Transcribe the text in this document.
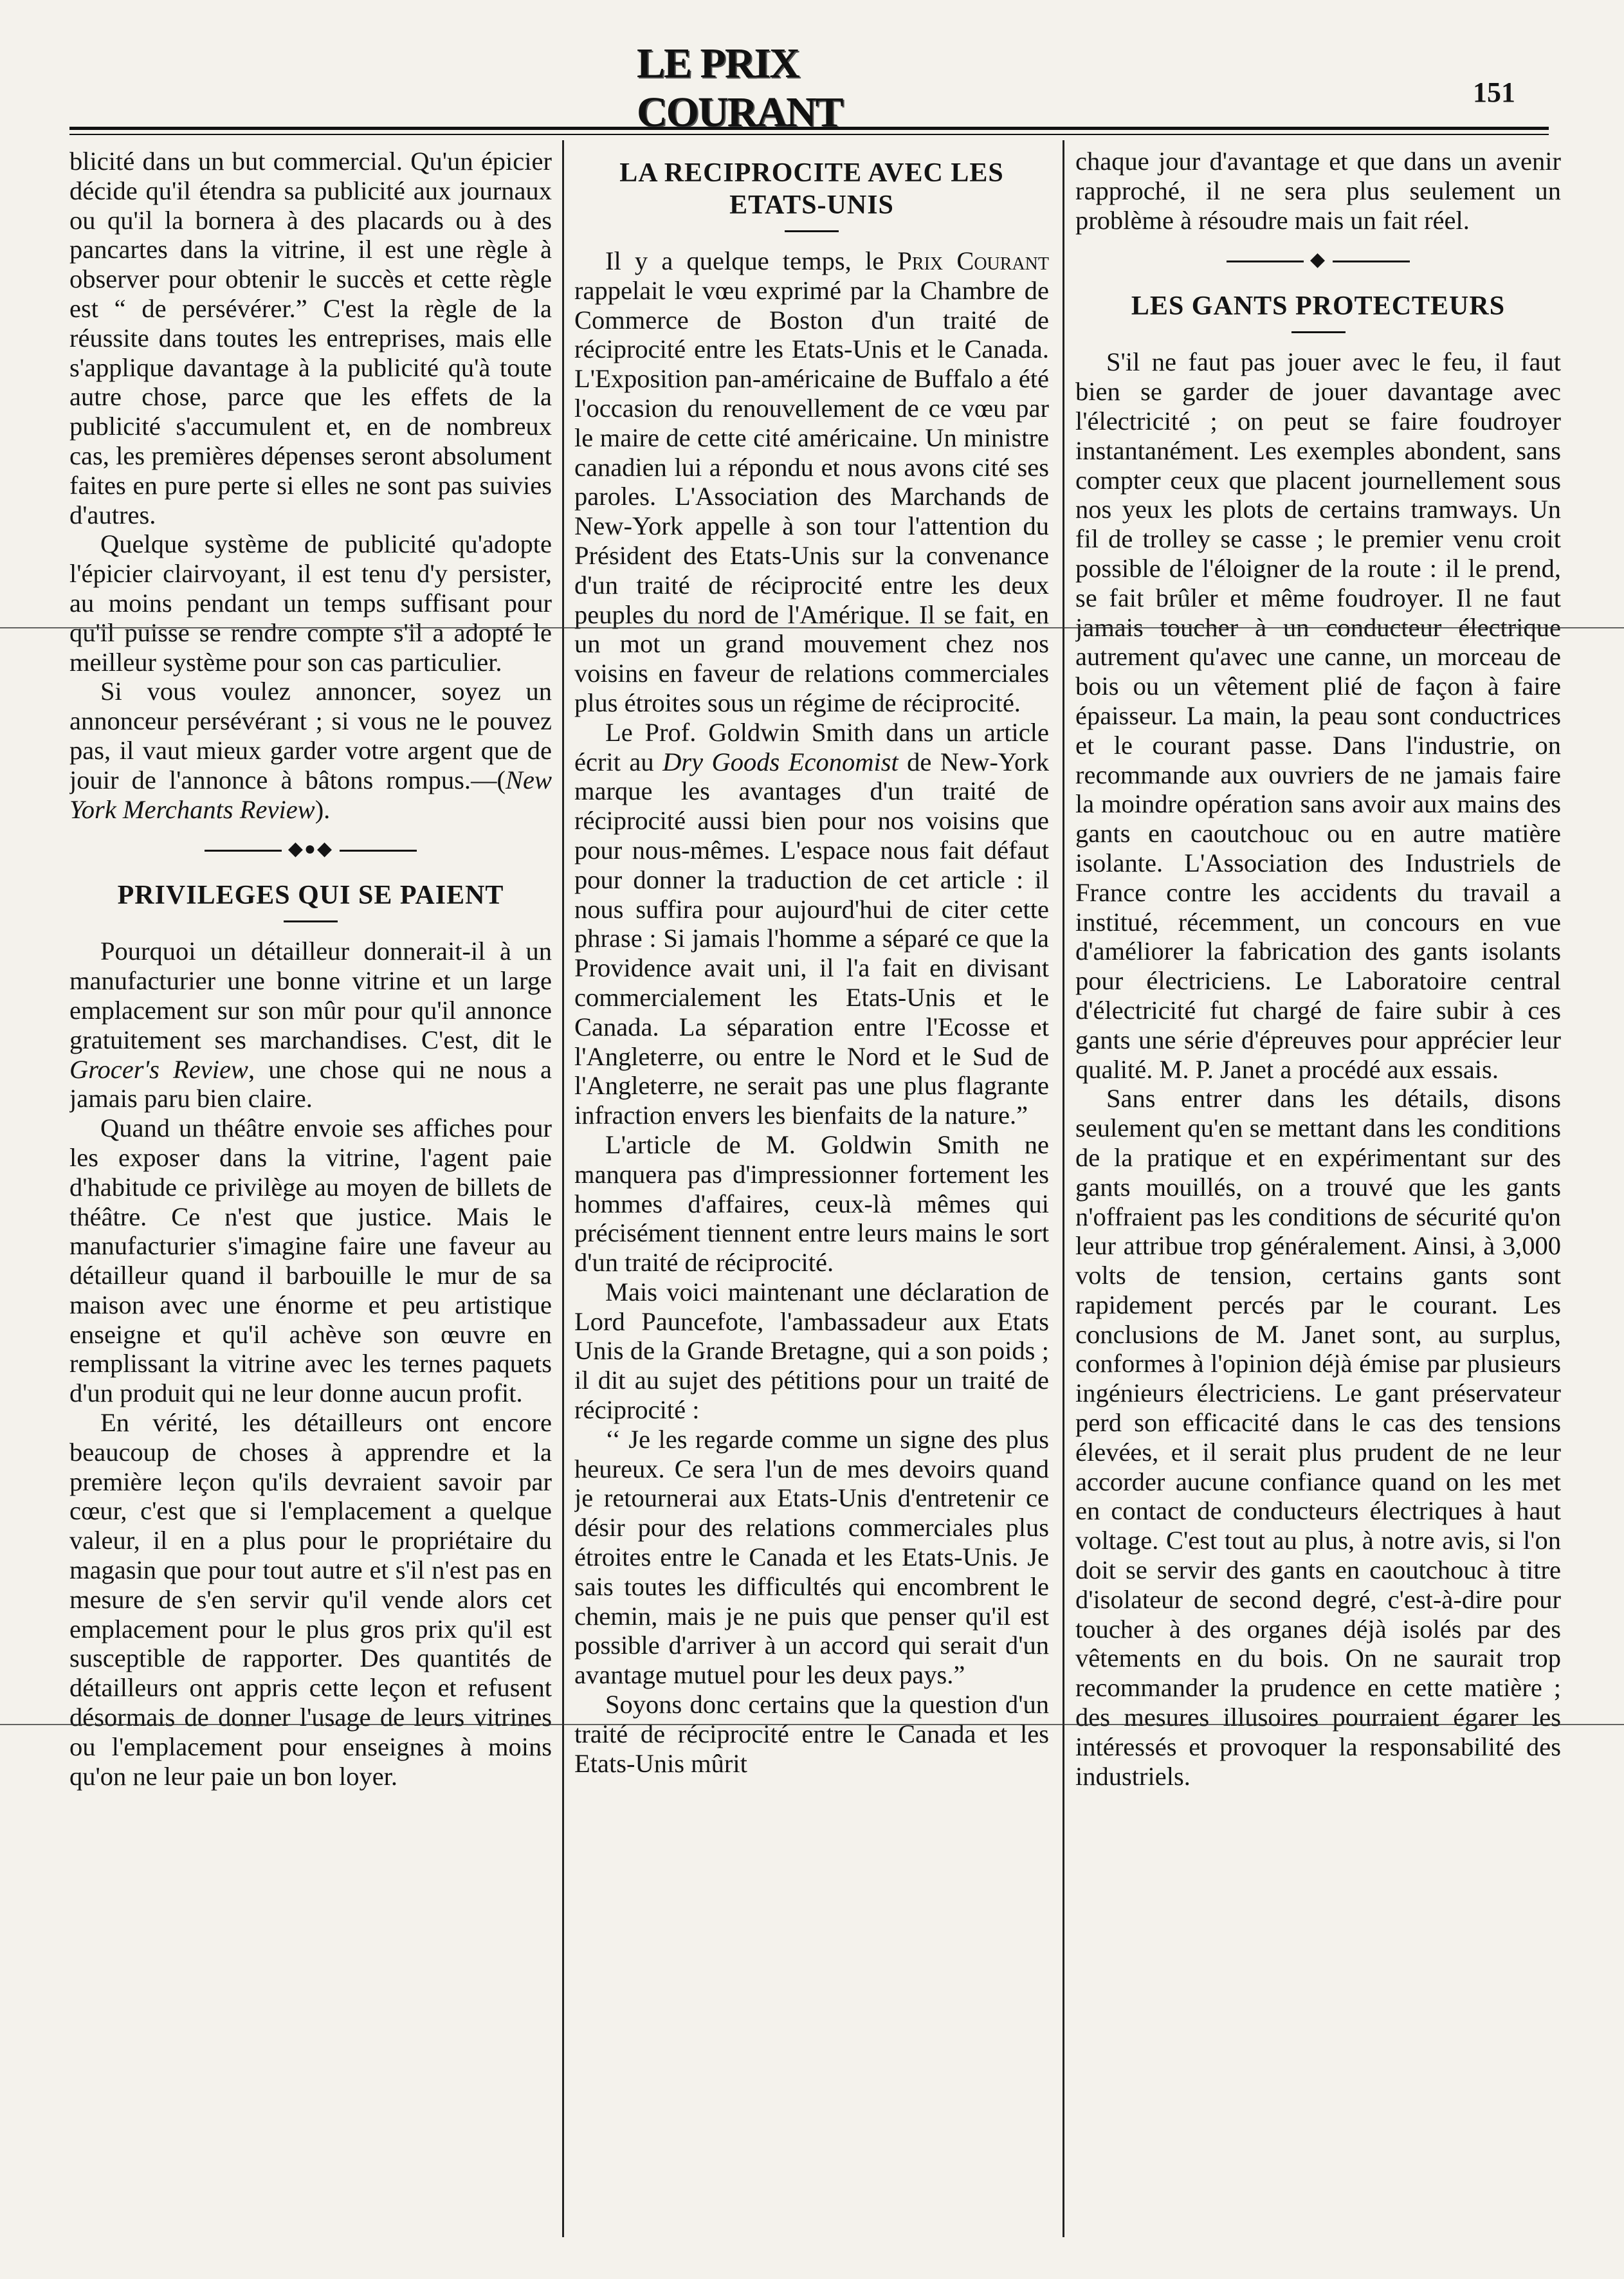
LE PRIX COURANT	151

blicité dans un but commercial. Qu'un épicier décide qu'il étendra sa publicité aux journaux ou qu'il la bornera à des placards ou à des pancartes dans la vitrine, il est une règle à observer pour obtenir le succès et cette règle est “ de persévérer.” C'est la règle de la réussite dans toutes les entreprises, mais elle s'applique davantage à la publicité qu'à toute autre chose, parce que les effets de la publicité s'accumulent et, en de nombreux cas, les premières dépenses seront absolument faites en pure perte si elles ne sont pas suivies d'autres.

Quelque système de publicité qu'adopte l'épicier clairvoyant, il est tenu d'y persister, au moins pendant un temps suffisant pour qu'il puisse se rendre compte s'il a adopté le meilleur système pour son cas particulier.

Si vous voulez annoncer, soyez un annonceur persévérant ; si vous ne le pouvez pas, il vaut mieux garder votre argent que de jouir de l'annonce à bâtons rompus.—(New York Merchants Review).

◆●◆
PRIVILEGES QUI SE PAIENT

Pourquoi un détailleur donnerait-il à un manufacturier une bonne vitrine et un large emplacement sur son mûr pour qu'il annonce gratuitement ses marchandises. C'est, dit le Grocer's Review, une chose qui ne nous a jamais paru bien claire.

Quand un théâtre envoie ses affiches pour les exposer dans la vitrine, l'agent paie d'habitude ce privilège au moyen de billets de théâtre. Ce n'est que justice. Mais le manufacturier s'imagine faire une faveur au détailleur quand il barbouille le mur de sa maison avec une énorme et peu artistique enseigne et qu'il achève son œuvre en remplissant la vitrine avec les ternes paquets d'un produit qui ne leur donne aucun profit.

En vérité, les détailleurs ont encore beaucoup de choses à apprendre et la première leçon qu'ils devraient savoir par cœur, c'est que si l'emplacement a quelque valeur, il en a plus pour le propriétaire du magasin que pour tout autre et s'il n'est pas en mesure de s'en servir qu'il vende alors cet emplacement pour le plus gros prix qu'il est susceptible de rapporter. Des quantités de détailleurs ont appris cette leçon et refusent désormais de donner l'usage de leurs vitrines ou l'emplacement pour enseignes à moins qu'on ne leur paie un bon loyer.

LA RECIPROCITE AVEC LES ETATS-UNIS

Il y a quelque temps, le Prix Courant rappelait le vœu exprimé par la Chambre de Commerce de Boston d'un traité de réciprocité entre les Etats-Unis et le Canada. L'Exposition pan-américaine de Buffalo a été l'occasion du renouvellement de ce vœu par le maire de cette cité américaine. Un ministre canadien lui a répondu et nous avons cité ses paroles. L'Association des Marchands de New-York appelle à son tour l'attention du Président des Etats-Unis sur la convenance d'un traité de réciprocité entre les deux peuples du nord de l'Amérique. Il se fait, en un mot un grand mouvement chez nos voisins en faveur de relations commerciales plus étroites sous un régime de réciprocité.

Le Prof. Goldwin Smith dans un article écrit au Dry Goods Economist de New-York marque les avantages d'un traité de réciprocité aussi bien pour nos voisins que pour nous-mêmes. L'espace nous fait défaut pour donner la traduction de cet article : il nous suffira pour aujourd'hui de citer cette phrase : Si jamais l'homme a séparé ce que la Providence avait uni, il l'a fait en divisant commercialement les Etats-Unis et le Canada. La séparation entre l'Ecosse et l'Angleterre, ou entre le Nord et le Sud de l'Angleterre, ne serait pas une plus flagrante infraction envers les bienfaits de la nature.”

L'article de M. Goldwin Smith ne manquera pas d'impressionner fortement les hommes d'affaires, ceux-là mêmes qui précisément tiennent entre leurs mains le sort d'un traité de réciprocité.

Mais voici maintenant une déclaration de Lord Pauncefote, l'ambassadeur aux Etats Unis de la Grande Bretagne, qui a son poids ; il dit au sujet des pétitions pour un traité de réciprocité :

‘‘ Je les regarde comme un signe des plus heureux. Ce sera l'un de mes devoirs quand je retournerai aux Etats-Unis d'entretenir ce désir pour des relations commerciales plus étroites entre le Canada et les Etats-Unis. Je sais toutes les difficultés qui encombrent le chemin, mais je ne puis que penser qu'il est possible d'arriver à un accord qui serait d'un avantage mutuel pour les deux pays.”

Soyons donc certains que la question d'un traité de réciprocité entre le Canada et les Etats-Unis mûrit

chaque jour d'avantage et que dans un avenir rapproché, il ne sera plus seulement un problème à résoudre mais un fait réel.

◆
LES GANTS PROTECTEURS

S'il ne faut pas jouer avec le feu, il faut bien se garder de jouer davantage avec l'électricité ; on peut se faire foudroyer instantanément. Les exemples abondent, sans compter ceux que placent journellement sous nos yeux les plots de certains tramways. Un fil de trolley se casse ; le premier venu croit possible de l'éloigner de la route : il le prend, se fait brûler et même foudroyer. Il ne faut jamais toucher à un conducteur électrique autrement qu'avec une canne, un morceau de bois ou un vêtement plié de façon à faire épaisseur. La main, la peau sont conductrices et le courant passe. Dans l'industrie, on recommande aux ouvriers de ne jamais faire la moindre opération sans avoir aux mains des gants en caoutchouc ou en autre matière isolante. L'Association des Industriels de France contre les accidents du travail a institué, récemment, un concours en vue d'améliorer la fabrication des gants isolants pour électriciens. Le Laboratoire central d'électricité fut chargé de faire subir à ces gants une série d'épreuves pour apprécier leur qualité. M. P. Janet a procédé aux essais.

Sans entrer dans les détails, disons seulement qu'en se mettant dans les conditions de la pratique et en expérimentant sur des gants mouillés, on a trouvé que les gants n'offraient pas les conditions de sécurité qu'on leur attribue trop généralement. Ainsi, à 3,000 volts de tension, certains gants sont rapidement percés par le courant. Les conclusions de M. Janet sont, au surplus, conformes à l'opinion déjà émise par plusieurs ingénieurs électriciens. Le gant préservateur perd son efficacité dans le cas des tensions élevées, et il serait plus prudent de ne leur accorder aucune confiance quand on les met en contact de conducteurs électriques à haut voltage. C'est tout au plus, à notre avis, si l'on doit se servir des gants en caoutchouc à titre d'isolateur de second degré, c'est-à-dire pour toucher à des organes déjà isolés par des vêtements en du bois. On ne saurait trop recommander la prudence en cette matière ; des mesures illusoires pourraient égarer les intéressés et provoquer la responsabilité des industriels.
